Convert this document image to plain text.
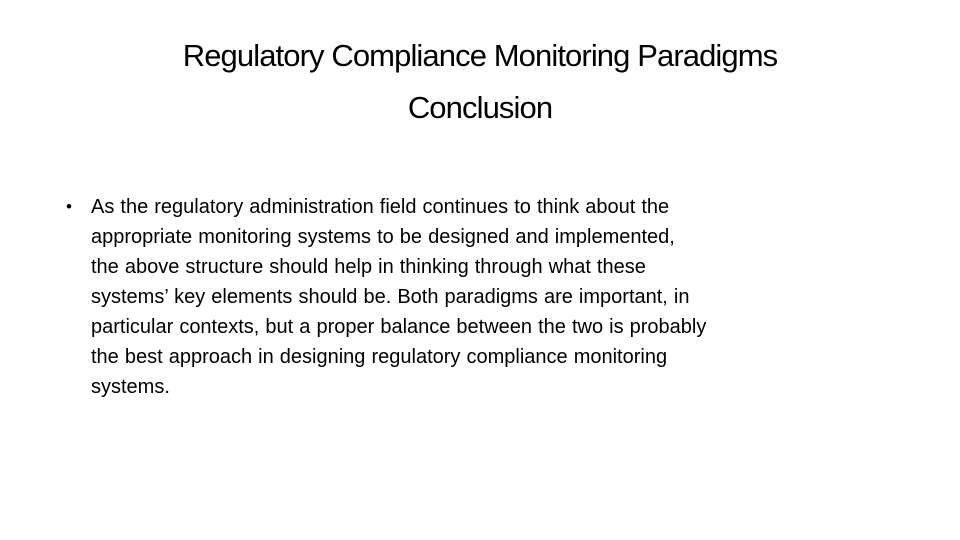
Regulatory Compliance Monitoring Paradigms
Conclusion
• As the regulatory administration field continues to think about the
appropriate monitoring systems to be designed and implemented,
the above structure should help in thinking through what these
systems’ key elements should be. Both paradigms are important, in
particular contexts, but a proper balance between the two is probably
the best approach in designing regulatory compliance monitoring
systems.
